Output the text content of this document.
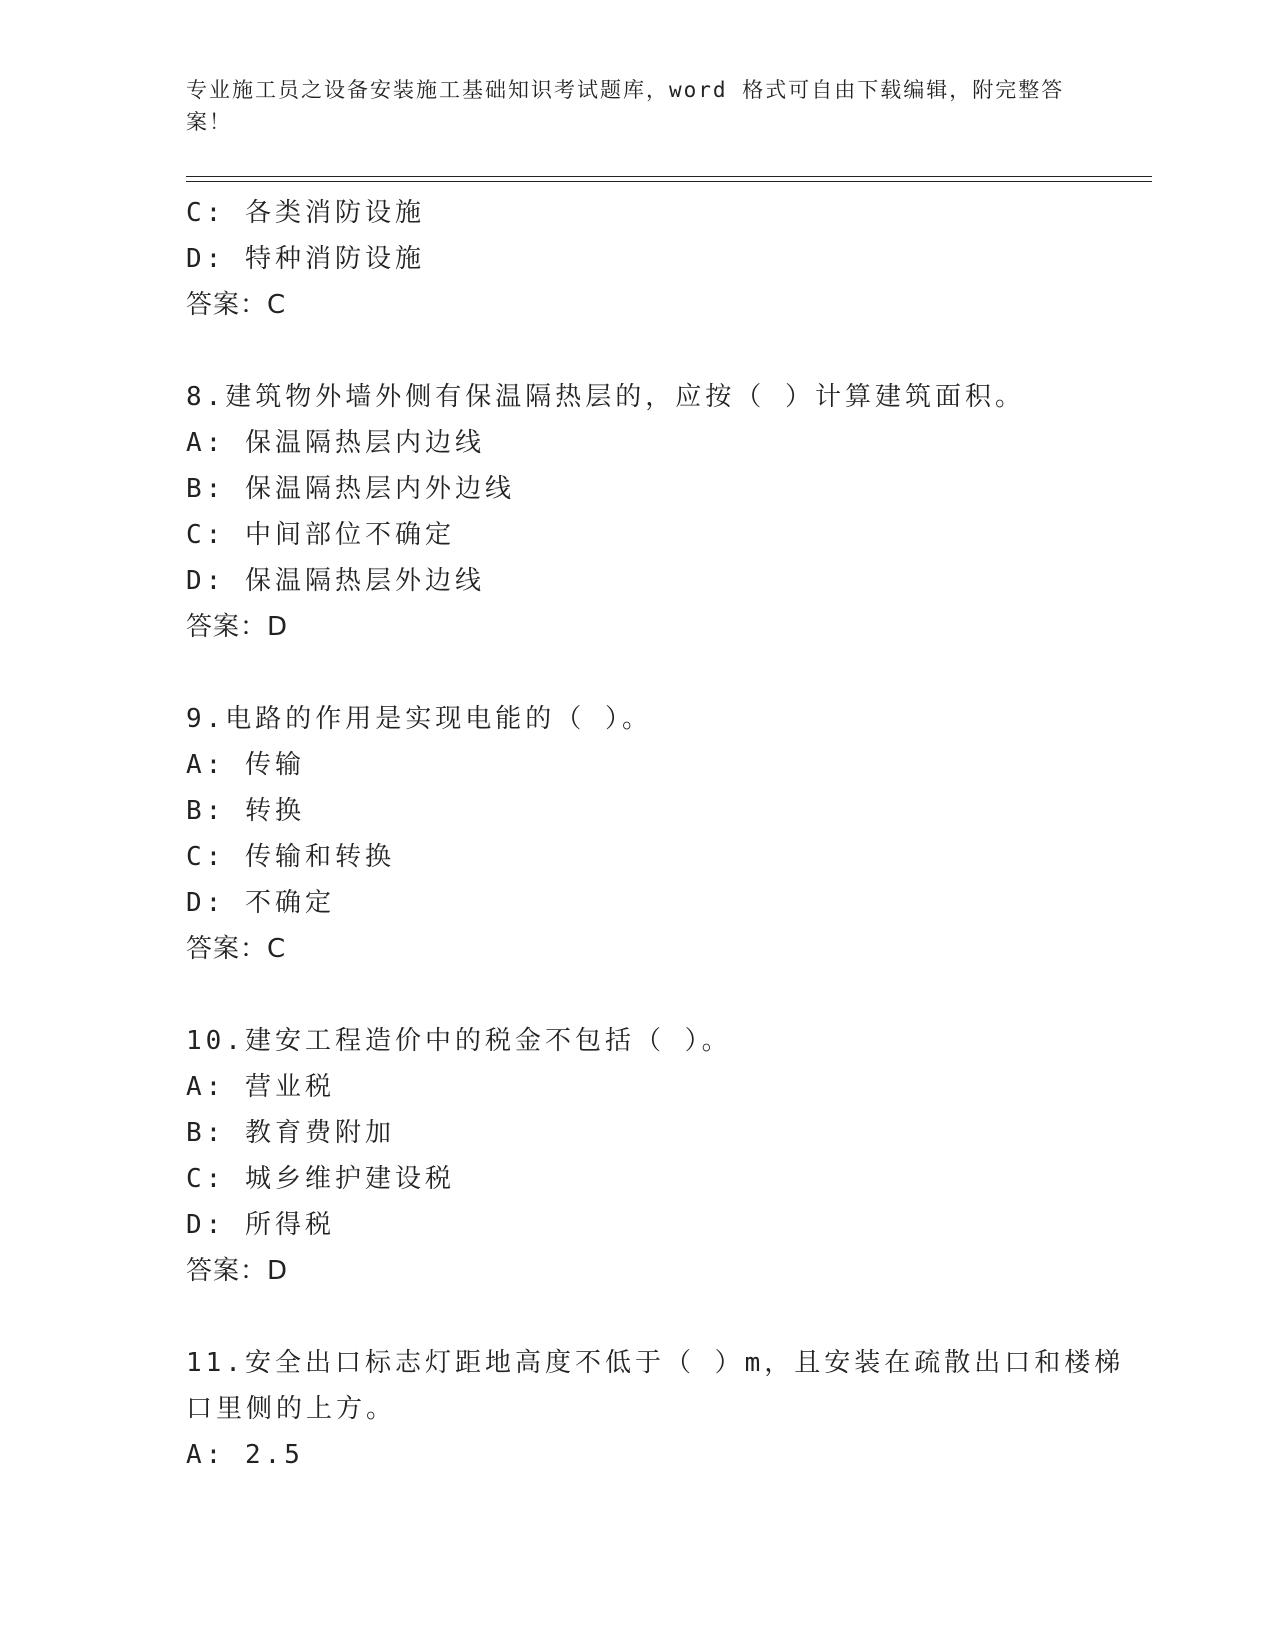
专业施工员之设备安装施工基础知识考试题库，word 格式可自由下载编辑，附完整答案！
C: 各类消防设施
D: 特种消防设施
答案：C
8.建筑物外墙外侧有保温隔热层的，应按（ ）计算建筑面积。
A: 保温隔热层内边线
B: 保温隔热层内外边线
C: 中间部位不确定
D: 保温隔热层外边线
答案：D
9.电路的作用是实现电能的（ ）。
A: 传输
B: 转换
C: 传输和转换
D: 不确定
答案：C
10.建安工程造价中的税金不包括（ ）。
A: 营业税
B: 教育费附加
C: 城乡维护建设税
D: 所得税
答案：D
11.安全出口标志灯距地高度不低于（ ）m，且安装在疏散出口和楼梯
口里侧的上方。
A: 2.5
